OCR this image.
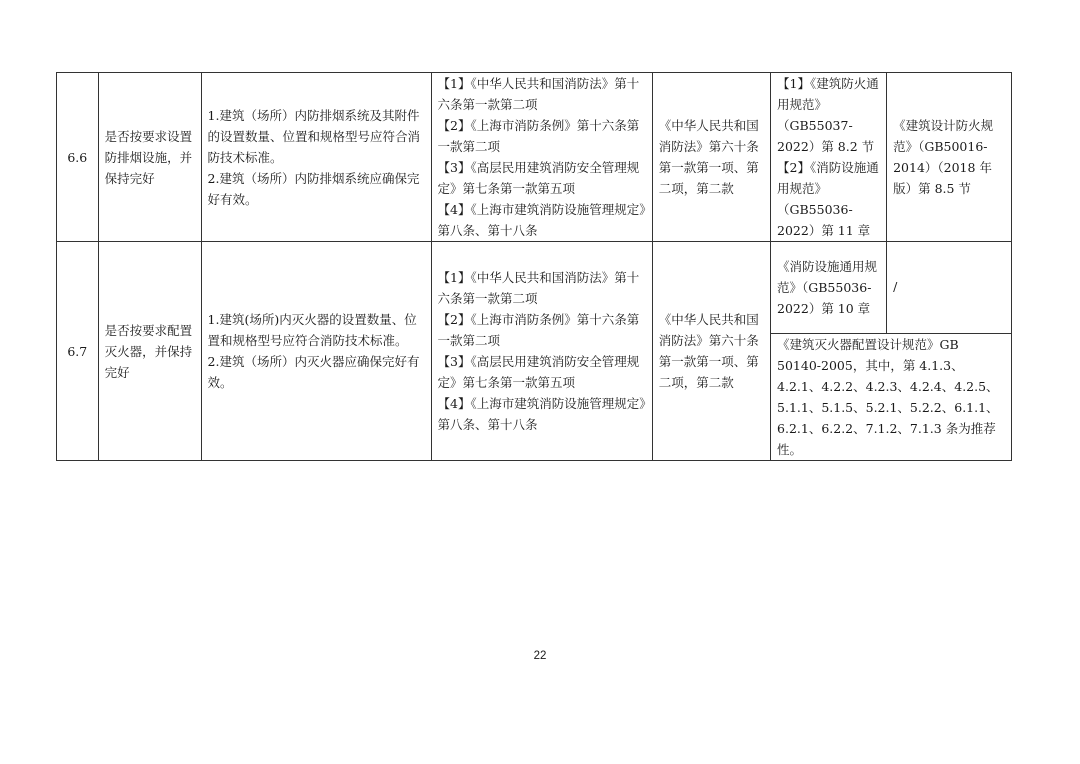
6.6	是否按要求设置防排烟设施，并保持完好	1.建筑（场所）内防排烟系统及其附件的设置数量、位置和规格型号应符合消防技术标准。
2.建筑（场所）内防排烟系统应确保完好有效。	【1】《中华人民共和国消防法》第十六条第一款第二项
【2】《上海市消防条例》第十六条第一款第二项
【3】《高层民用建筑消防安全管理规定》第七条第一款第五项
【4】《上海市建筑消防设施管理规定》第八条、第十八条	《中华人民共和国消防法》第六十条第一款第一项、第二项，第二款	【1】《建筑防火通用规范》（GB55037-2022）第 8.2 节
【2】《消防设施通用规范》（GB55036-2022）第 11 章	《建筑设计防火规范》（GB50016-2014）（2018 年版）第 8.5 节
6.7	是否按要求配置灭火器，并保持完好	1.建筑(场所)内灭火器的设置数量、位置和规格型号应符合消防技术标准。
2.建筑（场所）内灭火器应确保完好有效。	【1】《中华人民共和国消防法》第十六条第一款第二项
【2】《上海市消防条例》第十六条第一款第二项
【3】《高层民用建筑消防安全管理规定》第七条第一款第五项
【4】《上海市建筑消防设施管理规定》第八条、第十八条	《中华人民共和国消防法》第六十条第一款第一项、第二项，第二款	《消防设施通用规范》（GB55036-2022）第 10 章	/
					《建筑灭火器配置设计规范》GB 50140-2005，其中，第 4.1.3、4.2.1、4.2.2、4.2.3、4.2.4、4.2.5、5.1.1、5.1.5、5.2.1、5.2.2、6.1.1、6.2.1、6.2.2、7.1.2、7.1.3 条为推荐性。	
22
